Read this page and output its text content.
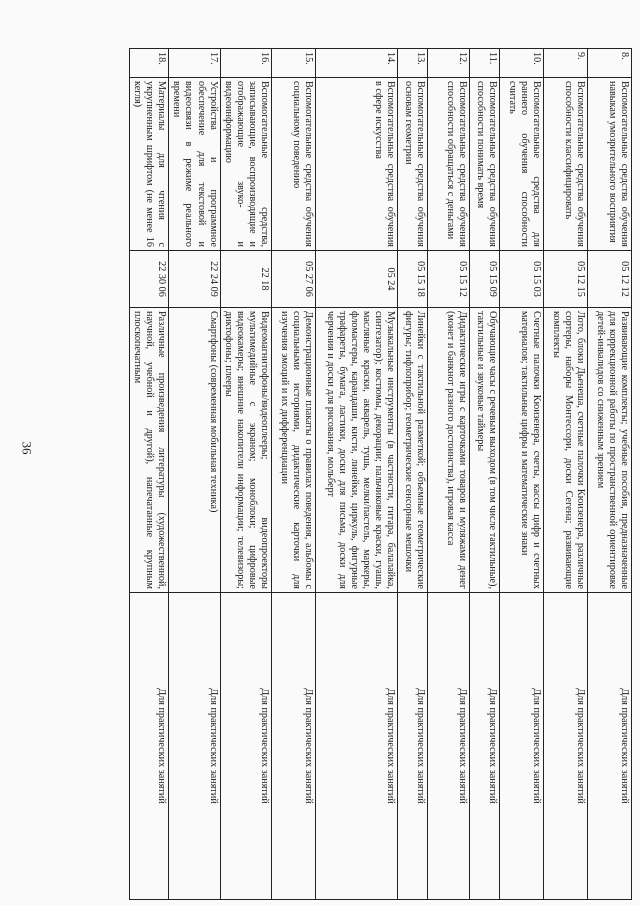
36
8.	Вспомогательные средства обучения навыкам умозрительного восприятия	05 12 12	Развивающие комплекты; учебные пособия, предназначенные для коррекционной работы по пространственной ориентировке детей-инвалидов со сниженным зрением	Для практических занятий
9.	Вспомогательные средства обучения способности классифицировать	05 12 15	Лото, блоки Дьенеша, счетные палочки Кюизенера, различные сортеры, наборы Монтессори, доски Сегена; развивающие комплекты	Для практических занятий
10.	Вспомогательные средства для раннего обучения способности считать	05 15 03	Счетные палочки Кюизенера, счеты, кассы цифр и счетных материалов; тактильные цифры и математические знаки	Для практических занятий
11.	Вспомогательные средства обучения способности понимать время	05 15 09	Обучающие часы с речевым выходом (в том числе тактильные), тактильные и звуковые таймеры	Для практических занятий
12.	Вспомогательные средства обучения способности обращаться с деньгами	05 15 12	Дидактические игры с карточками товаров и муляжами денег (монет и банкнот разного достоинства), игровая касса	Для практических занятий
13.	Вспомогательные средства обучения основам геометрии	05 15 18	Линейки с тактильной разметкой; объемные геометрические фигуры; тифлоприбор; геометрические сенсорные мешочки	Для практических занятий
14.	Вспомогательные средства обучения в сфере искусства	05 24	Музыкальные инструменты (в частности, гитара, балалайка, синтезатор); костюмы, декорации; пальчиковые краски, гуашь, масляные краски, акварель, тушь, мелки/пастель, маркеры, фломастеры, карандаши, кисти, линейки, циркуль, фигурные трафареты, бумага, ластики, доски для письма, доски для черчения и доски для рисования, мольберт	Для практических занятий
15.	Вспомогательные средства обучения социальному поведению	05 27 06	Демонстрационные плакаты о правилах поведения, альбомы с социальными историями, дидактические карточки для изучения эмоций и их дифференциации	Для практических занятий
16.	Вспомогательные средства, записывающие, воспроизводящие и отображающие звуко- и видеоинформацию	22 18	Видеомагнитофоны/видеоплееры; видеопроекторы мультимедийные с экраном; моноблоки; цифровые видеокамеры; внешние накопители информации; телевизоры; диктофоны; плееры	Для практических занятий
17.	Устройства и программное обеспечение для текстовой и видеосвязи в режиме реального времени	22 24 09	Смартфоны (современная мобильная техника)	Для практических занятий
18.	Материалы для чтения с укрупненным шрифтом (не менее 16 кегля)	22 30 06	Различные произведения литературы (художественной, научной, учебной и другой), напечатанные крупным плоскопечатным	Для практических занятий
